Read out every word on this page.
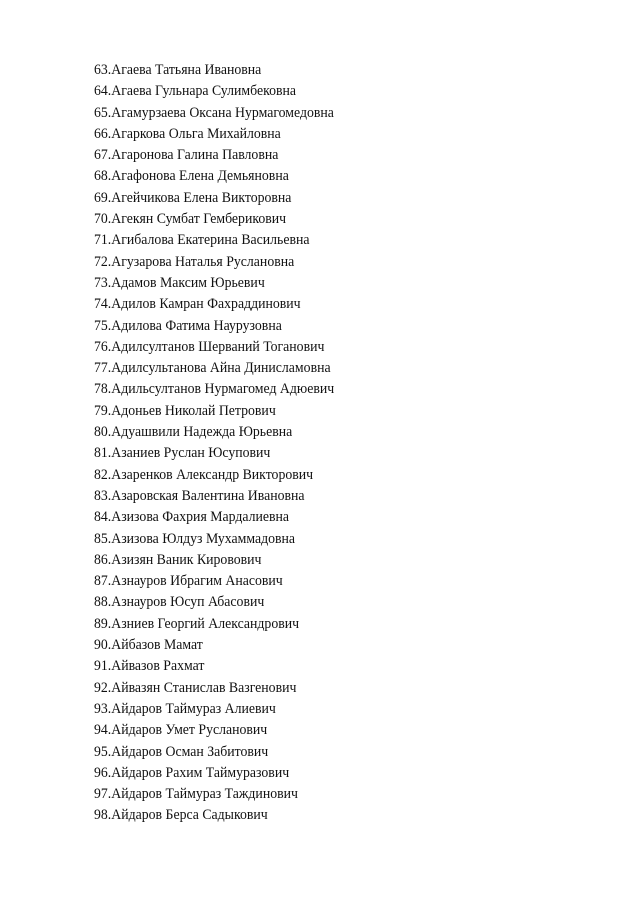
63.Агаева Татьяна Ивановна
64.Агаева Гульнара Сулимбековна
65.Агамурзаева Оксана Нурмагомедовна
66.Агаркова Ольга Михайловна
67.Агаронова Галина Павловна
68.Агафонова Елена Демьяновна
69.Агейчикова Елена Викторовна
70.Агекян Сумбат Гемберикович
71.Агибалова Екатерина Васильевна
72.Агузарова Наталья Руслановна
73.Адамов Максим Юрьевич
74.Адилов Камран Фахраддинович
75.Адилова Фатима Наурузовна
76.Адилсултанов Шерваний Тоганович
77.Адилсультанова Айна Динисламовна
78.Адильсултанов Нурмагомед Адюевич
79.Адоньев Николай Петрович
80.Адуашвили Надежда Юрьевна
81.Азаниев Руслан Юсупович
82.Азаренков Александр Викторович
83.Азаровская Валентина Ивановна
84.Азизова Фахрия Мардалиевна
85.Азизова Юлдуз Мухаммадовна
86.Азизян Ваник Кировович
87.Азнауров Ибрагим Анасович
88.Азнауров Юсуп Абасович
89.Азниев Георгий Александрович
90.Айбазов Мамат
91.Айвазов Рахмат
92.Айвазян Станислав Вазгенович
93.Айдаров Таймураз Алиевич
94.Айдаров Умет Русланович
95.Айдаров Осман Забитович
96.Айдаров Рахим Таймуразович
97.Айдаров Таймураз Таждинович
98.Айдаров Берса Садыкович
